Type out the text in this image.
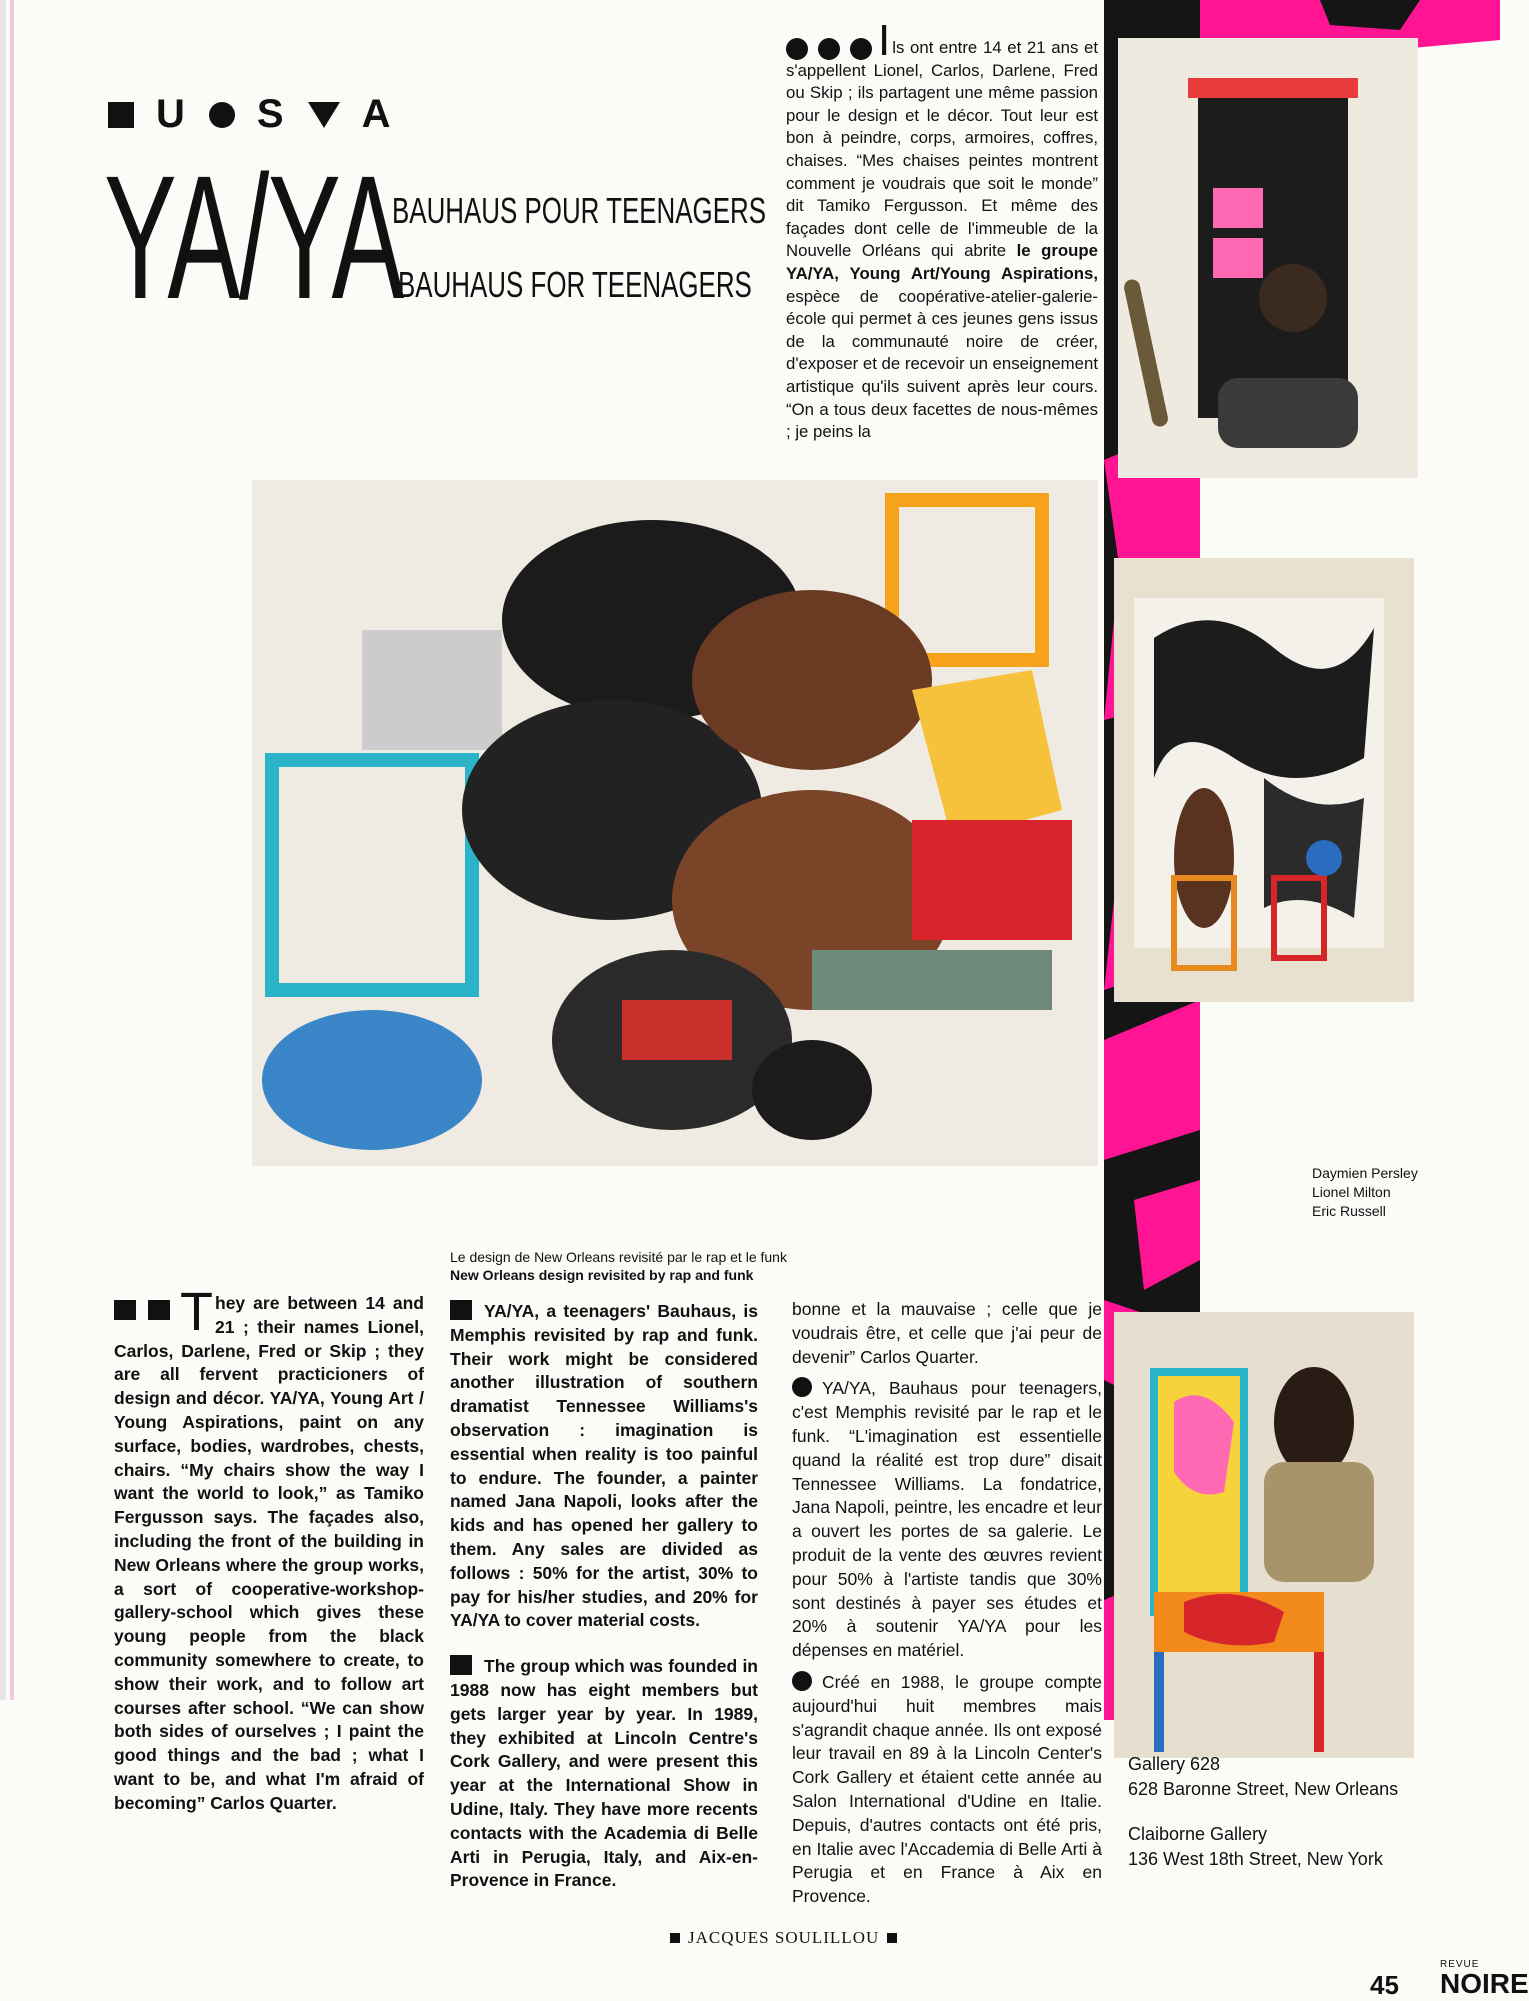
U S A
YA/YA
BAUHAUS POUR TEENAGERS
BAUHAUS FOR TEENAGERS
Ils ont entre 14 et 21 ans et s'appellent Lionel, Carlos, Darlene, Fred ou Skip ; ils partagent une même passion pour le design et le décor. Tout leur est bon à peindre, corps, armoires, coffres, chaises. “Mes chaises peintes montrent comment je voudrais que soit le monde” dit Tamiko Fergusson. Et même des façades dont celle de l'immeuble de la Nouvelle Orléans qui abrite le groupe YA/YA, Young Art/Young Aspirations, espèce de coopérative-atelier-galerie-école qui permet à ces jeunes gens issus de la communauté noire de créer, d'exposer et de recevoir un enseignement artistique qu'ils suivent après leur cours. “On a tous deux facettes de nous-mêmes ; je peins la
Daymien Persley
Lionel Milton
Eric Russell
Le design de New Orleans revisité par le rap et le funk
New Orleans design revisited by rap and funk
They are between 14 and 21 ; their names Lionel, Carlos, Darlene, Fred or Skip ; they are all fervent practicioners of design and décor. YA/YA, Young Art / Young Aspirations, paint on any surface, bodies, wardrobes, chests, chairs. “My chairs show the way I want the world to look,” as Tamiko Fergusson says. The façades also, including the front of the building in New Orleans where the group works, a sort of cooperative-workshop-gallery-school which gives these young people from the black community somewhere to create, to show their work, and to follow art courses after school. “We can show both sides of ourselves ; I paint the good things and the bad ; what I want to be, and what I'm afraid of becoming” Carlos Quarter.

YA/YA, a teenagers' Bauhaus, is Memphis revisited by rap and funk. Their work might be considered another illustration of southern dramatist Tennessee Williams's observation : imagination is essential when reality is too painful to endure. The founder, a painter named Jana Napoli, looks after the kids and has opened her gallery to them. Any sales are divided as follows : 50% for the artist, 30% to pay for his/her studies, and 20% for YA/YA to cover material costs.

The group which was founded in 1988 now has eight members but gets larger year by year. In 1989, they exhibited at Lincoln Centre's Cork Gallery, and were present this year at the International Show in Udine, Italy. They have more recents contacts with the Academia di Belle Arti in Perugia, Italy, and Aix-en-Provence in France.

bonne et la mauvaise ; celle que je voudrais être, et celle que j'ai peur de devenir” Carlos Quarter.

YA/YA, Bauhaus pour teenagers, c'est Memphis revisité par le rap et le funk. “L'imagination est essentielle quand la réalité est trop dure” disait Tennessee Williams. La fondatrice, Jana Napoli, peintre, les encadre et leur a ouvert les portes de sa galerie. Le produit de la vente des œuvres revient pour 50% à l'artiste tandis que 30% sont destinés à payer ses études et 20% à soutenir YA/YA pour les dépenses en matériel.

Créé en 1988, le groupe compte aujourd'hui huit membres mais s'agrandit chaque année. Ils ont exposé leur travail en 89 à la Lincoln Center's Cork Gallery et étaient cette année au Salon International d'Udine en Italie. Depuis, d'autres contacts ont été pris, en Italie avec l'Accademia di Belle Arti à Perugia et en France à Aix en Provence.

Gallery 628
628 Baronne Street, New Orleans
Claiborne Gallery
136 West 18th Street, New York
JACQUES SOULILLOU
45
REVUE
NOIRE
